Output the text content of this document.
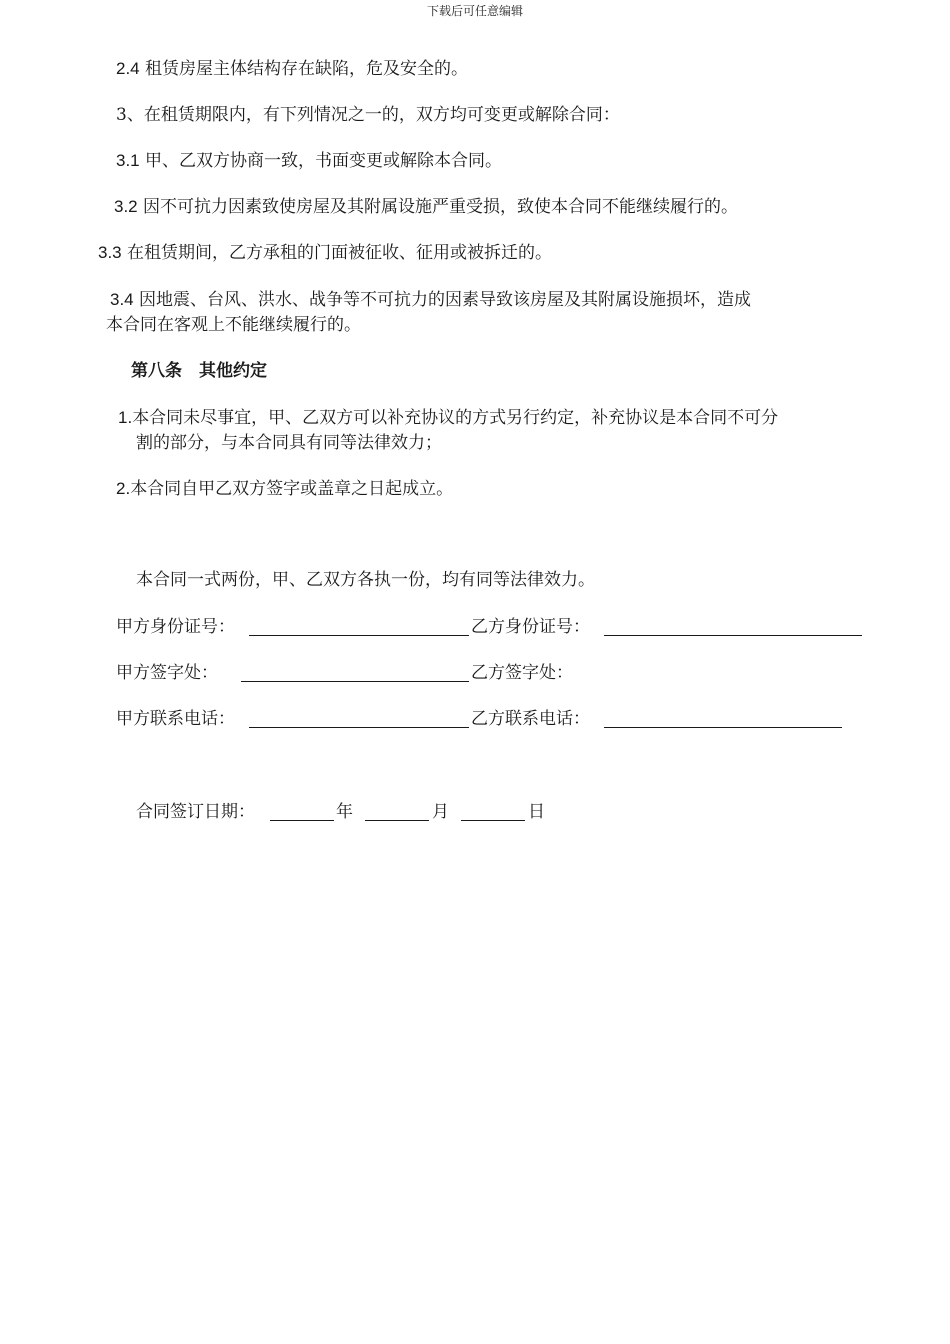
下载后可任意编辑
2.4 租赁房屋主体结构存在缺陷，危及安全的。
3、在租赁期限内，有下列情况之一的，双方均可变更或解除合同：
3.1 甲、乙双方协商一致，书面变更或解除本合同。
3.2 因不可抗力因素致使房屋及其附属设施严重受损，致使本合同不能继续履行的。
3.3 在租赁期间，乙方承租的门面被征收、征用或被拆迁的。
3.4 因地震、台风、洪水、战争等不可抗力的因素导致该房屋及其附属设施损坏，造成
本合同在客观上不能继续履行的。
第八条　其他约定
1.本合同未尽事宜，甲、乙双方可以补充协议的方式另行约定，补充协议是本合同不可分
割的部分，与本合同具有同等法律效力；
2.本合同自甲乙双方签字或盖章之日起成立。
本合同一式两份，甲、乙双方各执一份，均有同等法律效力。
甲方身份证号：	乙方身份证号：
甲方签字处：	乙方签字处：
甲方联系电话：	乙方联系电话：
合同签订日期：	年	月	日
